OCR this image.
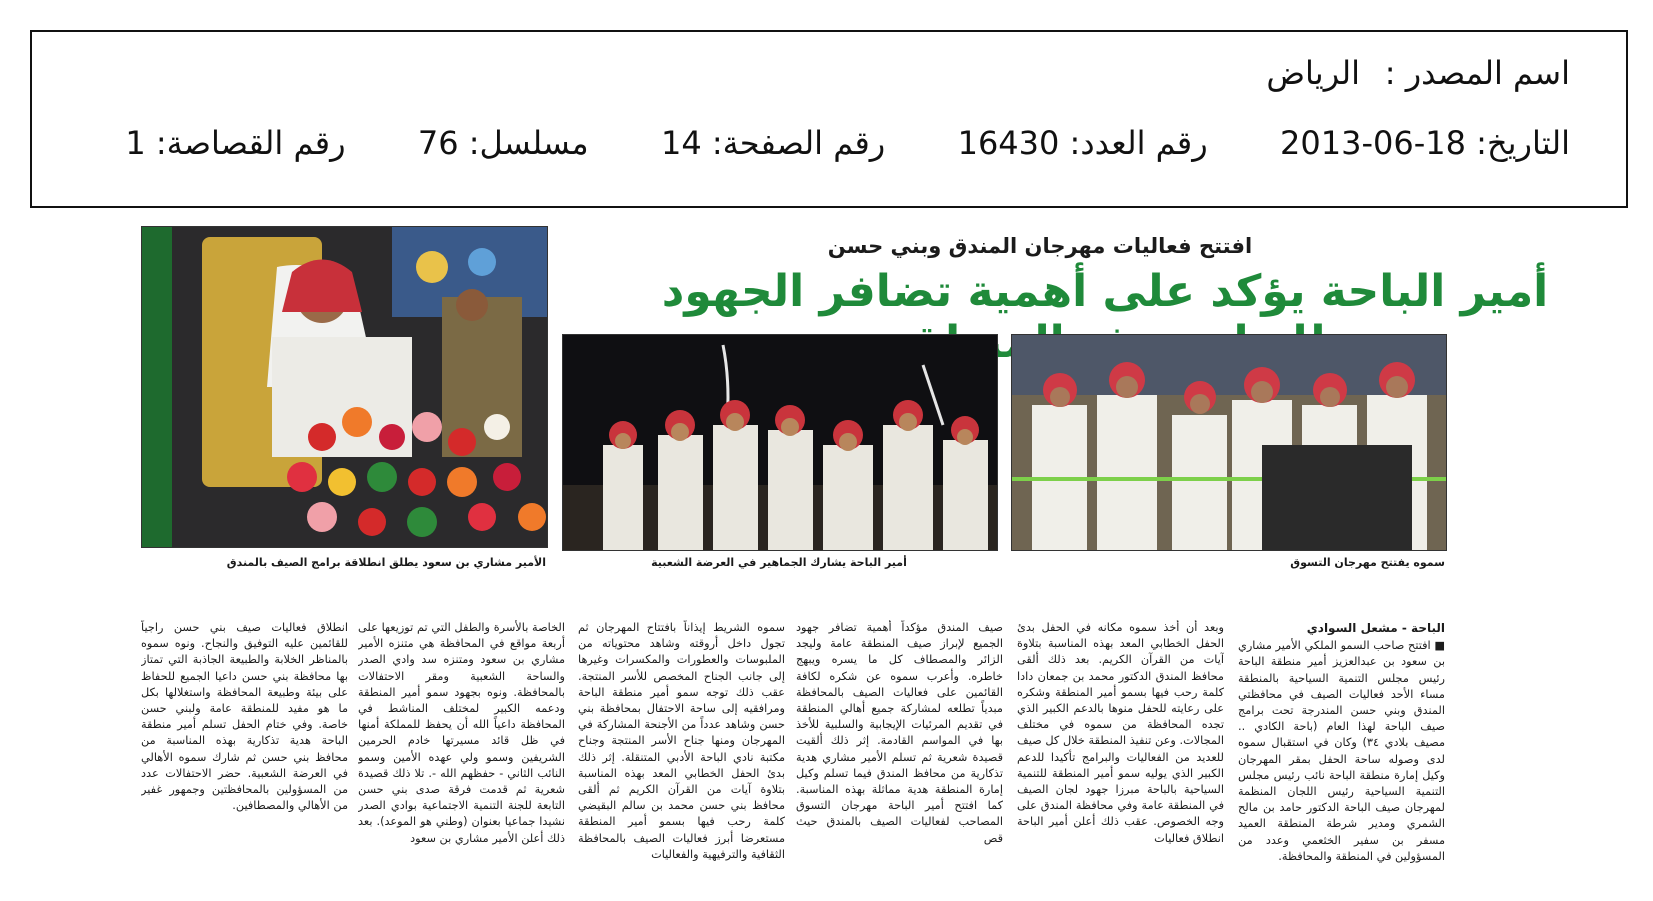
اسم المصدر :الرياض
التاريخ: 2013-06-18  رقم العدد: 16430  رقم الصفحة: 14  مسلسل: 76  رقم القصاصة: 1
افتتح فعاليات مهرجان المندق وبني حسن
أمير الباحة يؤكد على أهمية تضافر الجهود
الأمير مشاري بن سعود يطلق انطلاقة برامج الصيف بالمندق	أمير الباحة يشارك الجماهير في العرضة الشعبية	سموه يفتتح مهرجان التسوق
الباحة - مشعل السوادي

■ افتتح صاحب السمو الملكي الأمير مشاري بن سعود بن عبدالعزيز أمير منطقة الباحة رئيس مجلس التنمية السياحية بالمنطقة مساء الأحد فعاليات الصيف في محافظتي المندق وبني حسن المندرجة تحت برامج صيف الباحة لهذا العام (باحة الكادي .. مصيف بلادي ٣٤) وكان في استقبال سموه لدى وصوله ساحة الحفل بمقر المهرجان وكيل إمارة منطقة الباحة نائب رئيس مجلس التنمية السياحية رئيس اللجان المنظمة لمهرجان صيف الباحة الدكتور حامد بن مالح الشمري ومدير شرطة المنطقة العميد مسفر بن سفير الخثعمي وعدد من المسؤولين في المنطقة والمحافظة.

وبعد أن أخذ سموه مكانه في الحفل بدئ الحفل الخطابي المعد بهذه المناسبة بتلاوة آيات من القرآن الكريم. بعد ذلك ألقى محافظ المندق الدكتور محمد بن جمعان دادا كلمة رحب فيها بسمو أمير المنطقة وشكره على رعايته للحفل منوها بالدعم الكبير الذي تجده المحافظة من سموه في مختلف المجالات. وعن تنفيذ المنطقة خلال كل صيف للعديد من الفعاليات والبرامج تأكيدا للدعم الكبير الذي يوليه سمو أمير المنطقة للتنمية السياحية بالباحة مبرزا جهود لجان الصيف في المنطقة عامة وفي محافظة المندق على وجه الخصوص. عقب ذلك أعلن أمير الباحة انطلاق فعاليات

صيف المندق مؤكداً أهمية تضافر جهود الجميع لإبراز صيف المنطقة عامة وليجد الزائر والمصطاف كل ما يسره ويبهج خاطره. وأعرب سموه عن شكره لكافة القائمين على فعاليات الصيف بالمحافظة مبدياً تطلعه لمشاركة جميع أهالي المنطقة في تقديم المرئيات الإيجابية والسلبية للأخذ بها في المواسم القادمة. إثر ذلك ألقيت قصيدة شعرية ثم تسلم الأمير مشاري هدية تذكارية من محافظ المندق فيما تسلم وكيل إمارة المنطقة هدية مماثلة بهذه المناسبة. كما افتتح أمير الباحة مهرجان التسوق المصاحب لفعاليات الصيف بالمندق حيث قص

سموه الشريط إيذاناً بافتتاح المهرجان ثم تجول داخل أروقته وشاهد محتوياته من الملبوسات والعطورات والمكسرات وغيرها إلى جانب الجناح المخصص للأسر المنتجة. عقب ذلك توجه سمو أمير منطقة الباحة ومرافقيه إلى ساحة الاحتفال بمحافظة بني حسن وشاهد عدداً من الأجنحة المشاركة في المهرجان ومنها جناح الأسر المنتجة وجناح مكتبة نادي الباحة الأدبي المتنقلة. إثر ذلك بدئ الحفل الخطابي المعد بهذه المناسبة بتلاوة آيات من القرآن الكريم ثم ألقى محافظ بني حسن محمد بن سالم البقيضي كلمة رحب فيها بسمو أمير المنطقة مستعرضا أبرز فعاليات الصيف بالمحافظة الثقافية والترفيهية والفعاليات

الخاصة بالأسرة والطفل التي تم توزيعها على أربعة مواقع في المحافظة هي متنزه الأمير مشاري بن سعود ومتنزه سد وادي الصدر والساحة الشعبية ومقر الاحتفالات بالمحافظة. ونوه بجهود سمو أمير المنطقة ودعمه الكبير لمختلف المناشط في المحافظة داعياً الله أن يحفظ للمملكة أمنها في ظل قائد مسيرتها خادم الحرمين الشريفين وسمو ولي عهده الأمين وسمو النائب الثاني - حفظهم الله -. تلا ذلك قصيدة شعرية ثم قدمت فرقة صدى بني حسن التابعة للجنة التنمية الاجتماعية بوادي الصدر نشيدا جماعيا بعنوان (وطني هو الموعد). بعد ذلك أعلن الأمير مشاري بن سعود

انطلاق فعاليات صيف بني حسن راجياً للقائمين عليه التوفيق والنجاح. ونوه سموه بالمناظر الخلابة والطبيعة الجاذبة التي تمتاز بها محافظة بني حسن داعيا الجميع للحفاظ على بيئة وطبيعة المحافظة واستغلالها بكل ما هو مفيد للمنطقة عامة ولبني حسن خاصة. وفي ختام الحفل تسلم أمير منطقة الباحة هدية تذكارية بهذه المناسبة من محافظ بني حسن ثم شارك سموه الأهالي في العرضة الشعبية. حضر الاحتفالات عدد من المسؤولين بالمحافظتين وجمهور غفير من الأهالي والمصطافين.
